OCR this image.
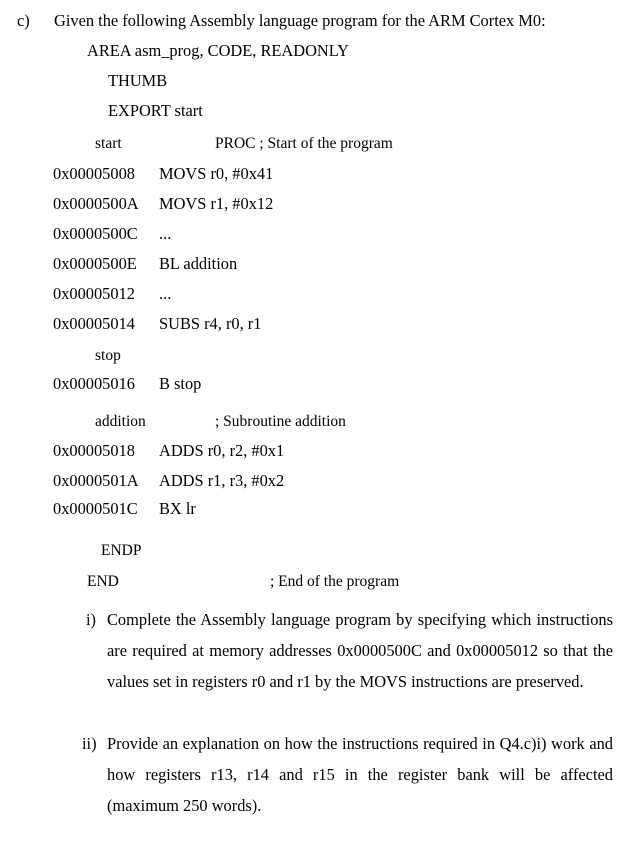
c) Given the following Assembly language program for the ARM Cortex M0:
AREA asm_prog, CODE, READONLY
THUMB
EXPORT start
start	PROC ; Start of the program
0x00005008 MOVS r0, #0x41
0x0000500A MOVS r1, #0x12
0x0000500C ...
0x0000500E BL addition
0x00005012 ...
0x00005014 SUBS r4, r0, r1
stop
0x00005016 B stop
addition	; Subroutine addition
0x00005018 ADDS r0, r2, #0x1
0x0000501A ADDS r1, r3, #0x2
0x0000501C BX lr
ENDP
END	; End of the program
i) Complete the Assembly language program by specifying which instructions are required at memory addresses 0x0000500C and 0x00005012 so that the values set in registers r0 and r1 by the MOVS instructions are preserved.
ii) Provide an explanation on how the instructions required in Q4.c)i) work and how registers r13, r14 and r15 in the register bank will be affected (maximum 250 words).
